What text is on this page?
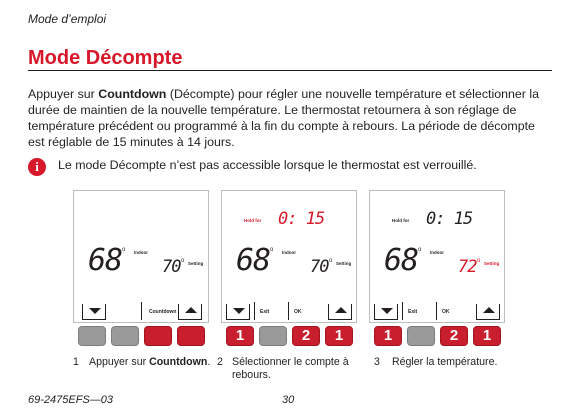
Mode d’emploi
Mode Décompte
Appuyer sur Countdown (Décompte) pour régler une nouvelle température et sélectionner la durée de maintien de la nouvelle température. Le thermostat retournera à son réglage de température précédent ou programmé à la fin du compte à rebours. La période de décompte est réglable de 15 minutes à 14 jours.
i	Le mode Décompte n’est pas accessible lorsque le thermostat est verrouillé.
68 o Indoor
70 o Setting
Countdown
Hold for 0: 15
68 o Indoor
70 o Setting
Exit	OK
1	2	1
Hold for 0: 15
68 o Indoor
72 o Setting
Exit	OK
1	2	1
1 Appuyer sur Countdown. 2 Sélectionner le compte à rebours.
3 Régler la température.
69-2475EFS—03	30
